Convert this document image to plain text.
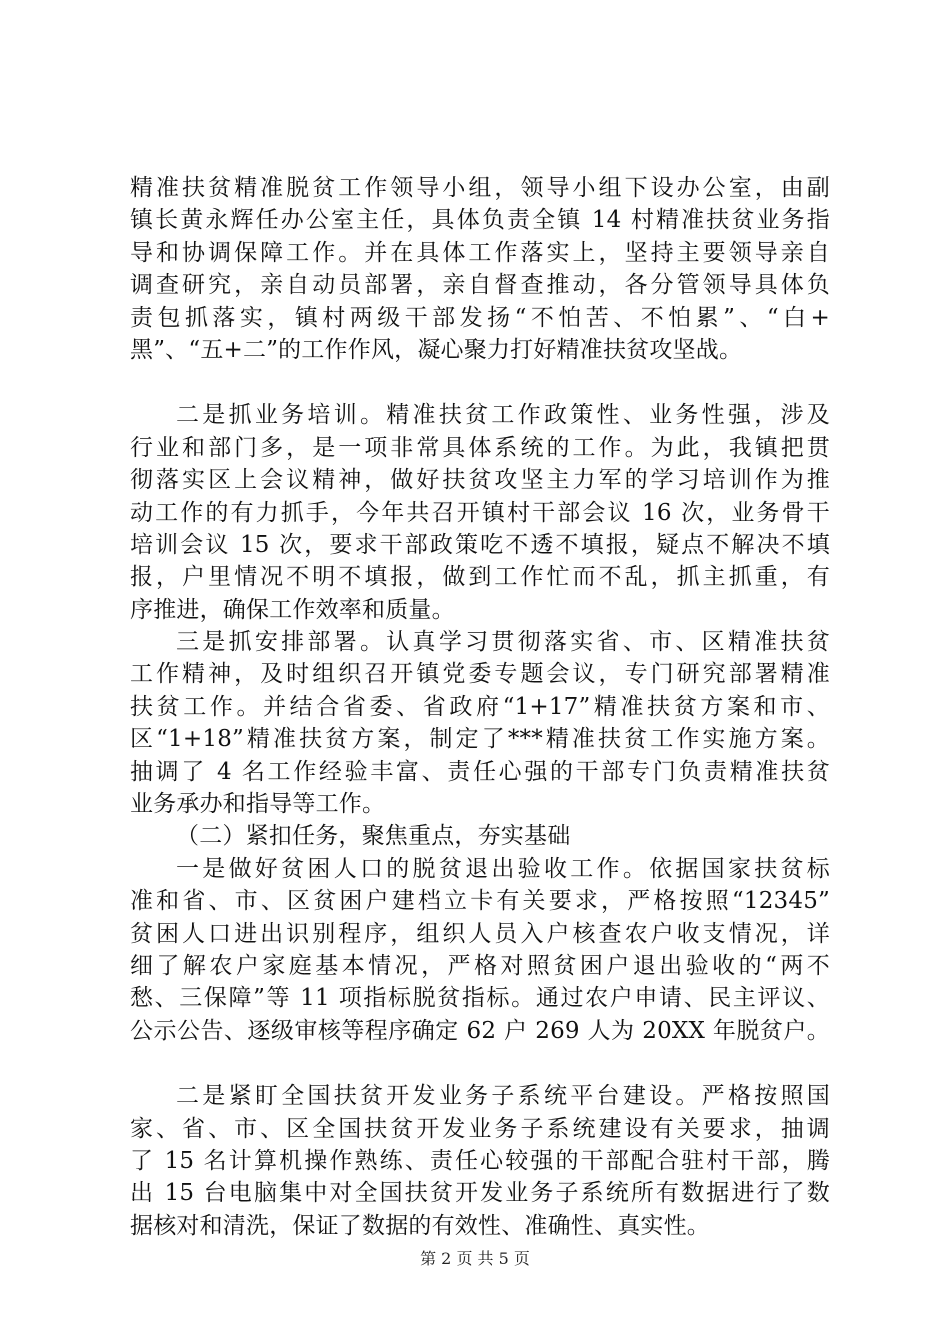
精准扶贫精准脱贫工作领导小组，领导小组下设办公室，由副
镇长黄永辉任办公室主任，具体负责全镇 14 村精准扶贫业务指
导和协调保障工作。并在具体工作落实上，坚持主要领导亲自
调查研究，亲自动员部署，亲自督查推动，各分管领导具体负
责包抓落实，镇村两级干部发扬“不怕苦、不怕累”、“白+
黑”、“五+二”的工作作风，凝心聚力打好精准扶贫攻坚战。
二是抓业务培训。精准扶贫工作政策性、业务性强，涉及
行业和部门多，是一项非常具体系统的工作。为此，我镇把贯
彻落实区上会议精神，做好扶贫攻坚主力军的学习培训作为推
动工作的有力抓手，今年共召开镇村干部会议 16 次，业务骨干
培训会议 15 次，要求干部政策吃不透不填报，疑点不解决不填
报，户里情况不明不填报，做到工作忙而不乱，抓主抓重，有
序推进，确保工作效率和质量。
三是抓安排部署。认真学习贯彻落实省、市、区精准扶贫
工作精神，及时组织召开镇党委专题会议，专门研究部署精准
扶贫工作。并结合省委、省政府“1+17”精准扶贫方案和市、
区“1+18”精准扶贫方案，制定了***精准扶贫工作实施方案。
抽调了 4 名工作经验丰富、责任心强的干部专门负责精准扶贫
业务承办和指导等工作。
（二）紧扣任务，聚焦重点，夯实基础
一是做好贫困人口的脱贫退出验收工作。依据国家扶贫标
准和省、市、区贫困户建档立卡有关要求，严格按照“12345”
贫困人口进出识别程序，组织人员入户核查农户收支情况，详
细了解农户家庭基本情况，严格对照贫困户退出验收的“两不
愁、三保障”等 11 项指标脱贫指标。通过农户申请、民主评议、
公示公告、逐级审核等程序确定 62 户 269 人为 20XX 年脱贫户。
二是紧盯全国扶贫开发业务子系统平台建设。严格按照国
家、省、市、区全国扶贫开发业务子系统建设有关要求，抽调
了 15 名计算机操作熟练、责任心较强的干部配合驻村干部，腾
出 15 台电脑集中对全国扶贫开发业务子系统所有数据进行了数
据核对和清洗，保证了数据的有效性、准确性、真实性。
第 2 页 共 5 页
